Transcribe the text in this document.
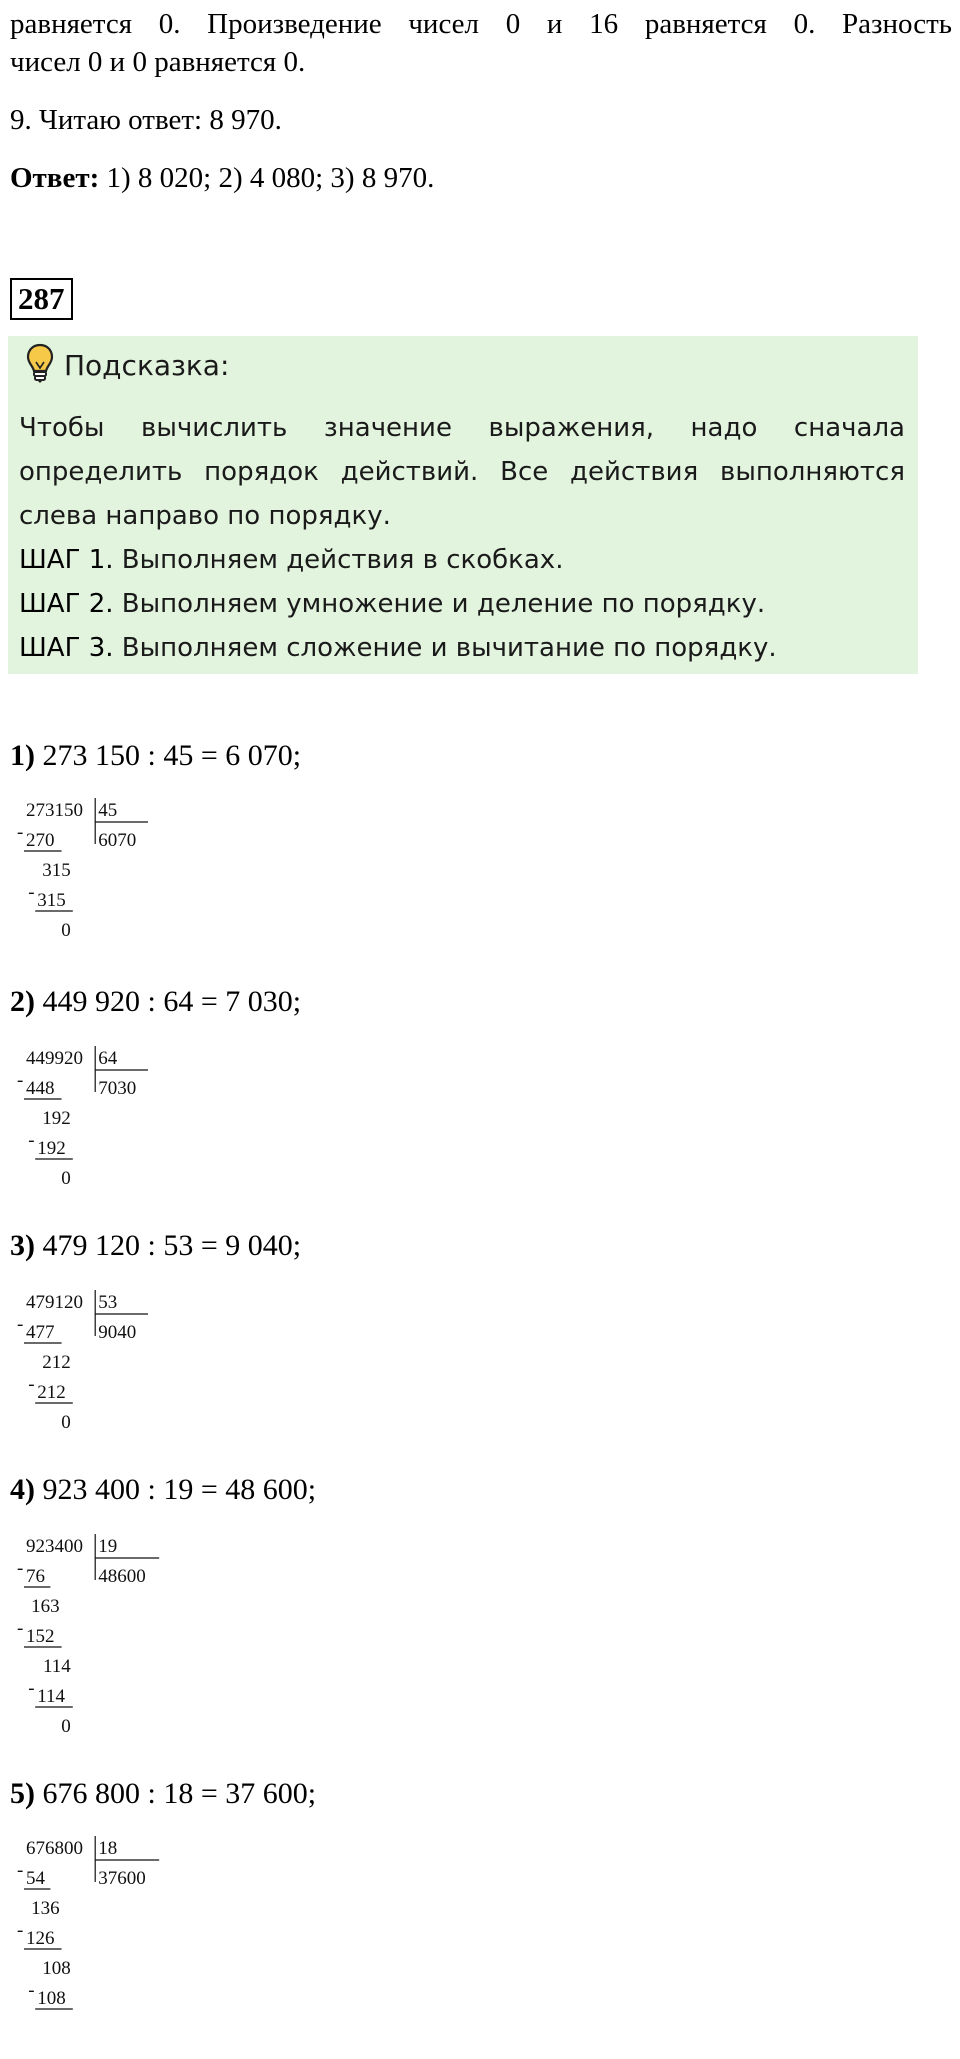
равняется 0. Произведение чисел 0 и 16 равняется 0. Разность
чисел 0 и 0 равняется 0.
9. Читаю ответ: 8 970.
Ответ: 1) 8 020; 2) 4 080; 3) 8 970.
287
Подсказка:
Чтобы вычислить значение выражения, надо сначала
определить порядок действий. Все действия выполняются
слева направо по порядку.
ШАГ 1. Выполняем действия в скобках.
ШАГ 2. Выполняем умножение и деление по порядку.
ШАГ 3. Выполняем сложение и вычитание по порядку.
1) 273 150 : 45 = 6 070;
273150 45
6070
- 270
315
- 315
0
2) 449 920 : 64 = 7 030;
449920 64
7030
- 448
192
- 192
0
3) 479 120 : 53 = 9 040;
479120 53
9040
- 477
212
- 212
0
4) 923 400 : 19 = 48 600;
923400 19
48600
- 76
163
- 152
114
- 114
0
5) 676 800 : 18 = 37 600;
676800 18
37600
- 54
136
- 126
108
- 108
